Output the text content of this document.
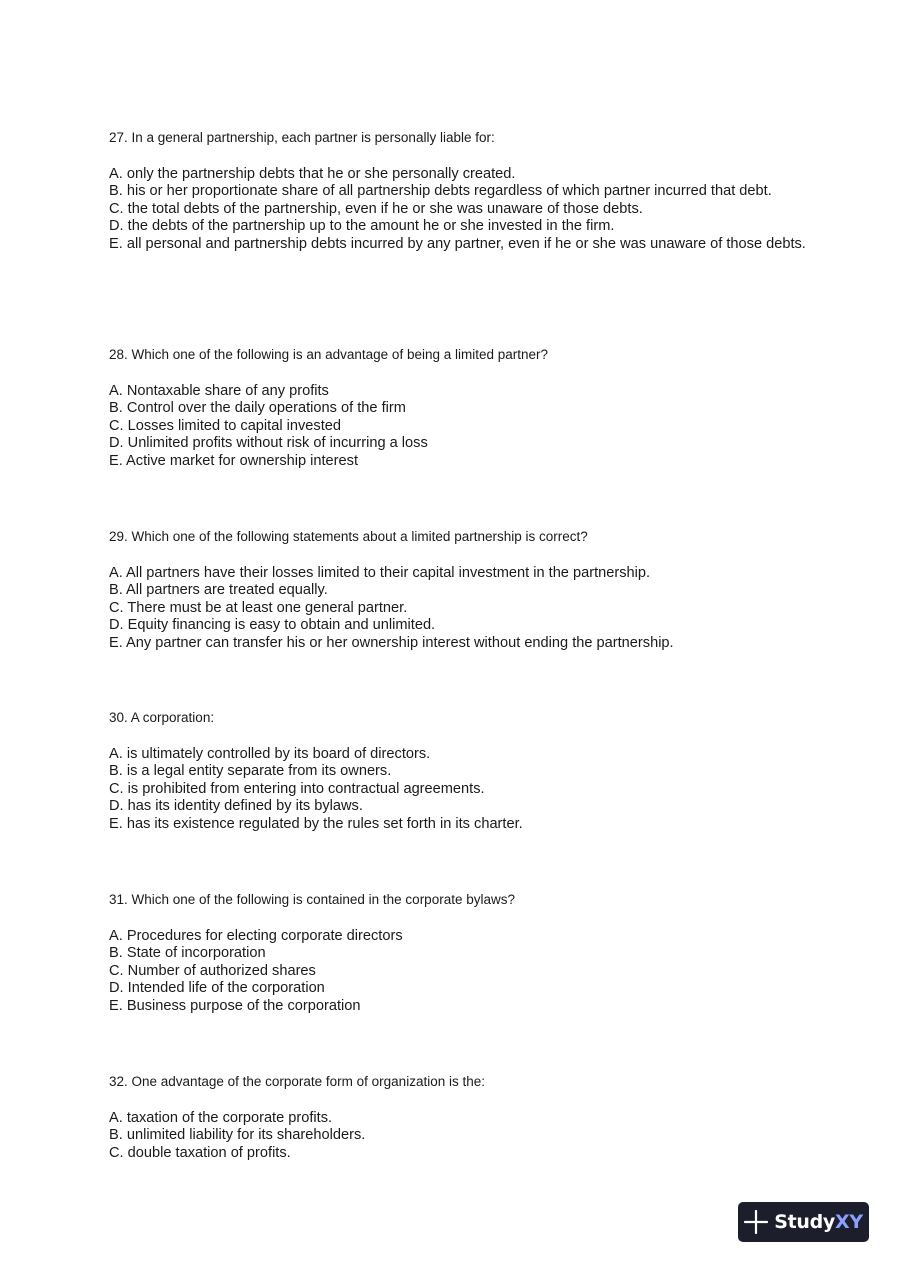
27. In a general partnership, each partner is personally liable for:

A. only the partnership debts that he or she personally created.

B. his or her proportionate share of all partnership debts regardless of which partner incurred that debt.

C. the total debts of the partnership, even if he or she was unaware of those debts.

D. the debts of the partnership up to the amount he or she invested in the firm.

E. all personal and partnership debts incurred by any partner, even if he or she was unaware of those debts.

28. Which one of the following is an advantage of being a limited partner?

A. Nontaxable share of any profits

B. Control over the daily operations of the firm

C. Losses limited to capital invested

D. Unlimited profits without risk of incurring a loss

E. Active market for ownership interest

29. Which one of the following statements about a limited partnership is correct?

A. All partners have their losses limited to their capital investment in the partnership.

B. All partners are treated equally.

C. There must be at least one general partner.

D. Equity financing is easy to obtain and unlimited.

E. Any partner can transfer his or her ownership interest without ending the partnership.

30. A corporation:

A. is ultimately controlled by its board of directors.

B. is a legal entity separate from its owners.

C. is prohibited from entering into contractual agreements.

D. has its identity defined by its bylaws.

E. has its existence regulated by the rules set forth in its charter.

31. Which one of the following is contained in the corporate bylaws?

A. Procedures for electing corporate directors

B. State of incorporation

C. Number of authorized shares

D. Intended life of the corporation

E. Business purpose of the corporation

32. One advantage of the corporate form of organization is the:

A. taxation of the corporate profits.

B. unlimited liability for its shareholders.

C. double taxation of profits.

StudyXY
